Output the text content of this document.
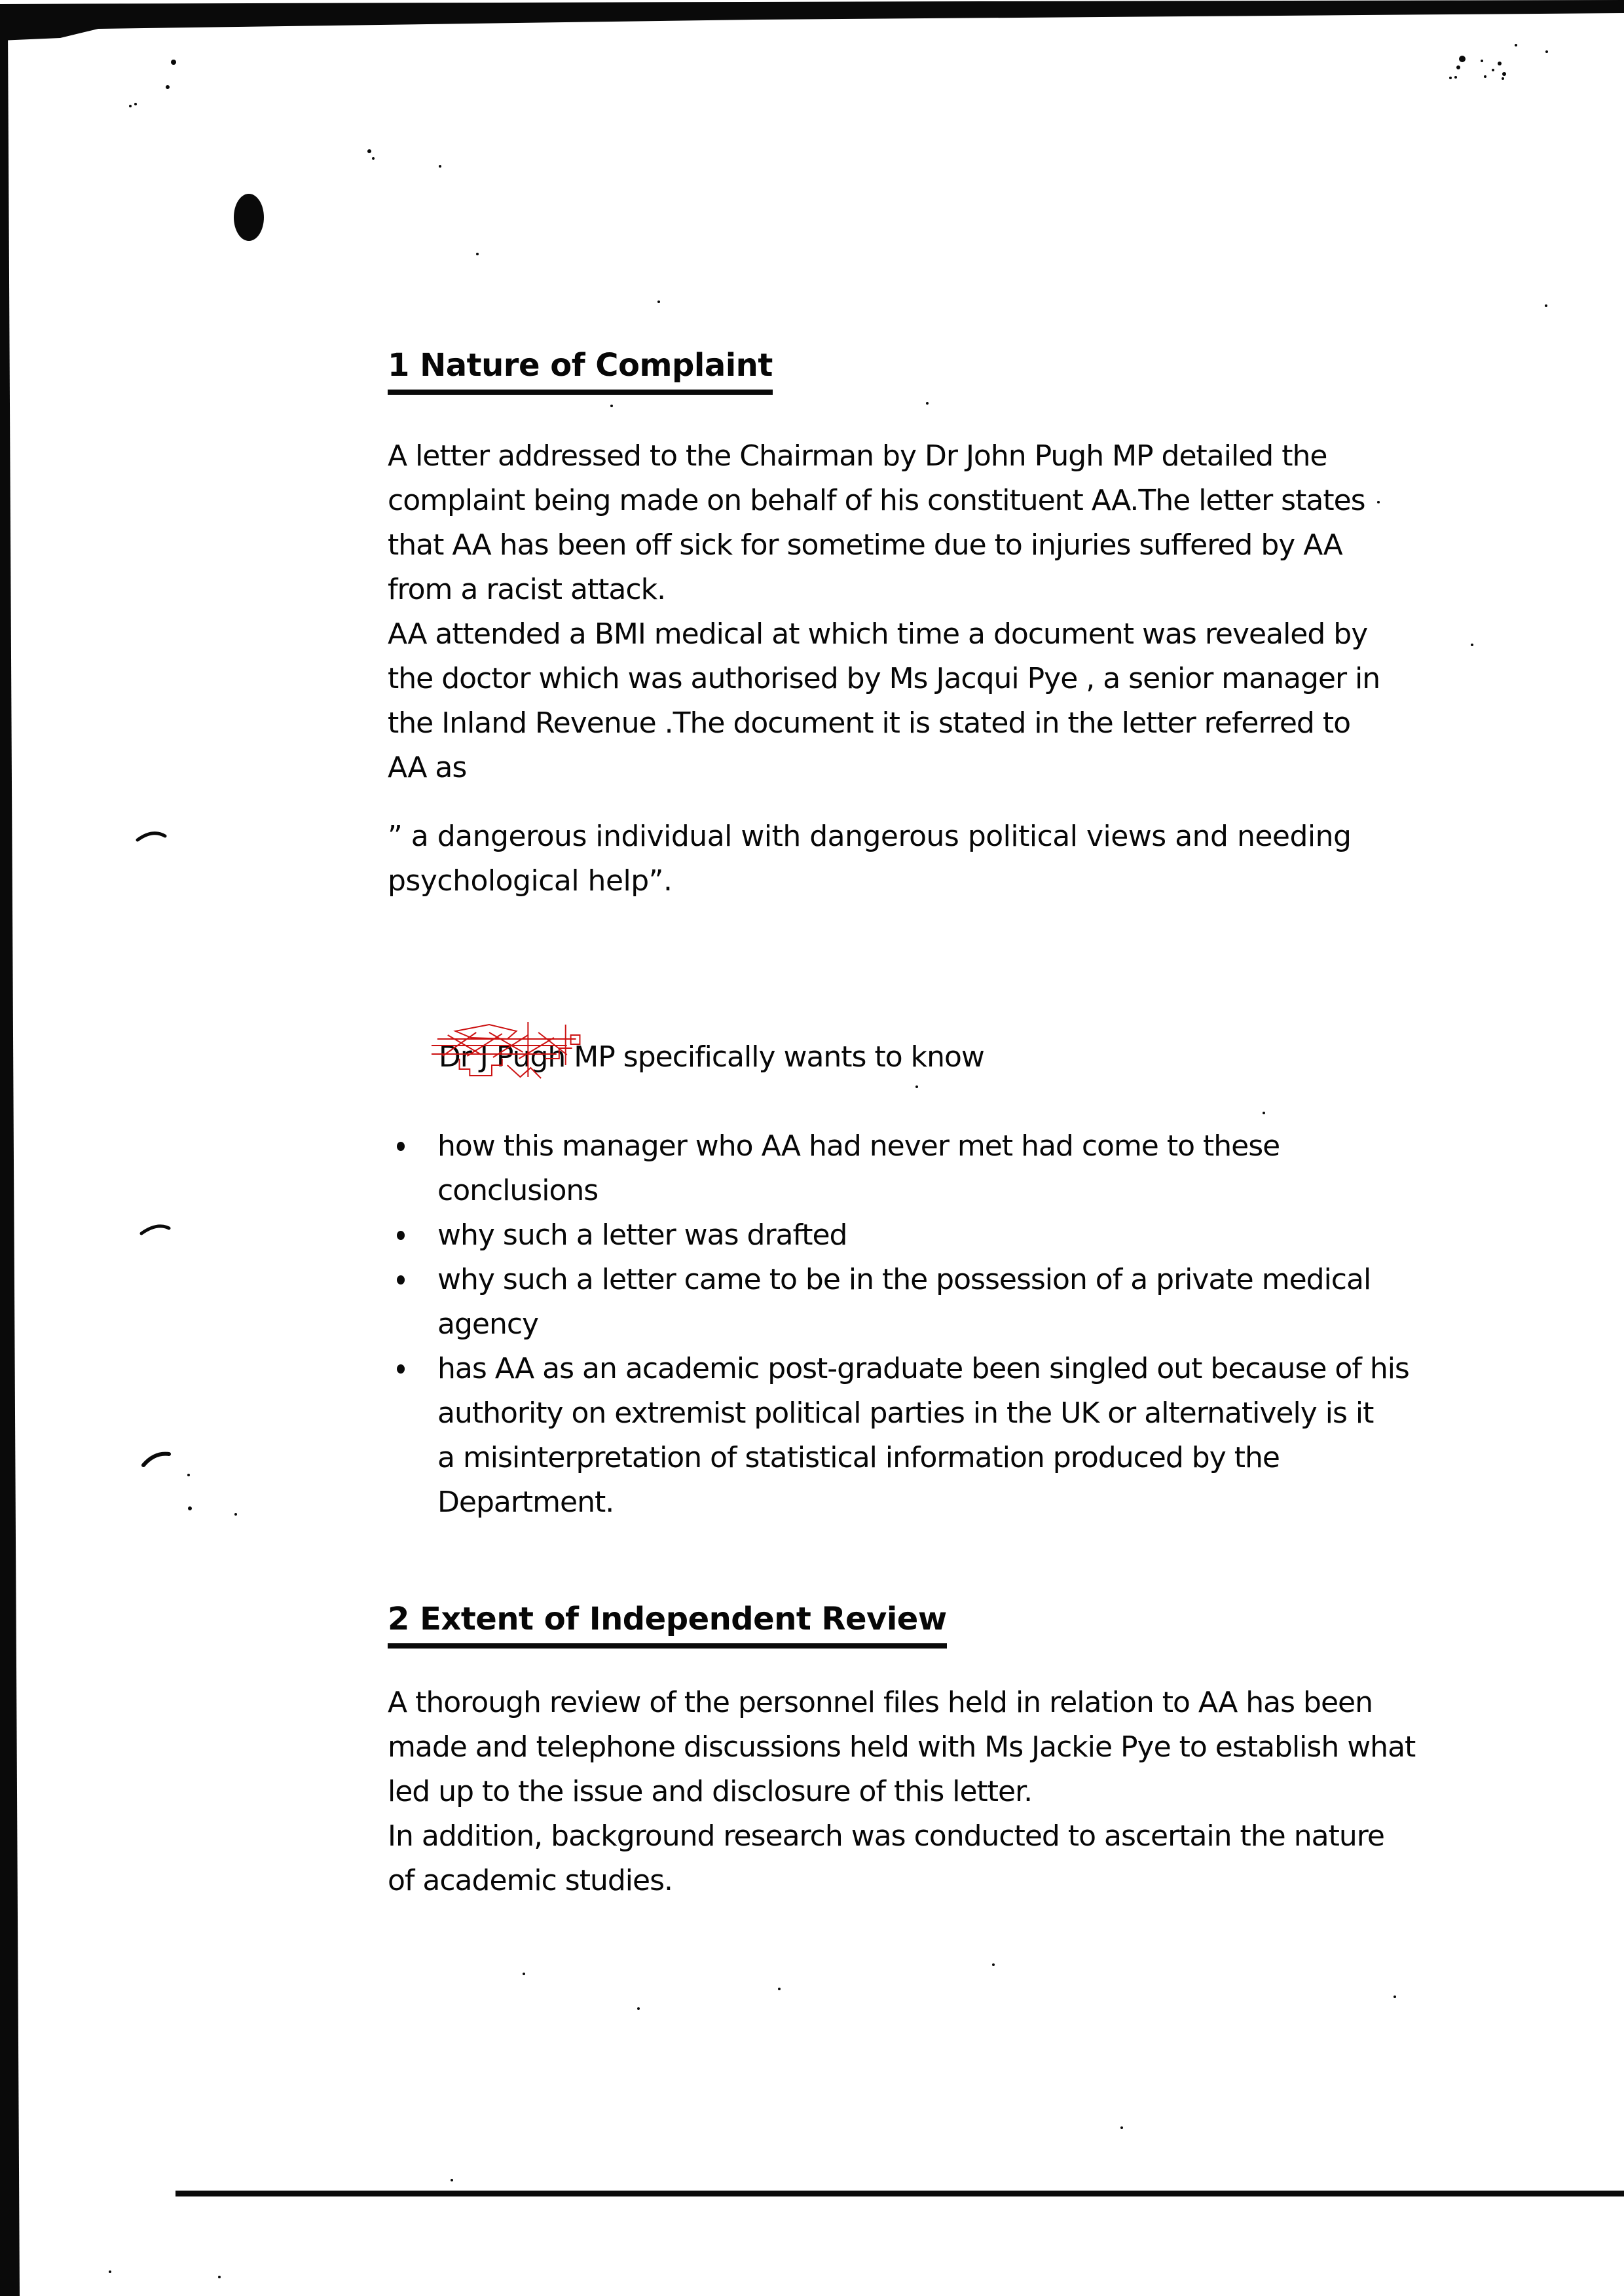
1 Nature of Complaint
A letter addressed to the Chairman by Dr John Pugh MP detailed the
complaint being made on behalf of his constituent AA.The letter states
that AA has been off sick for sometime due to injuries suffered by AA
from a racist attack.
AA attended a BMI medical at which time a document was revealed by
the doctor which was authorised by Ms Jacqui Pye , a senior manager in
the Inland Revenue .The document it is stated in the letter referred to
AA as
” a dangerous individual with dangerous political views and needing
psychological help”.

Dr J Pugh
MP specifically wants to know

how this manager who AA had never met had come to these
conclusions
why such a letter was drafted
why such a letter came to be in the possession of a private medical
agency
has AA as an academic post-graduate been singled out because of his
authority on extremist political parties in the UK or alternatively is it
a misinterpretation of statistical information produced by the
Department.
2 Extent of Independent Review
A thorough review of the personnel files held in relation to AA has been
made and telephone discussions held with Ms Jackie Pye to establish what
led up to the issue and disclosure of this letter.
In addition, background research was conducted to ascertain the nature
of academic studies.
